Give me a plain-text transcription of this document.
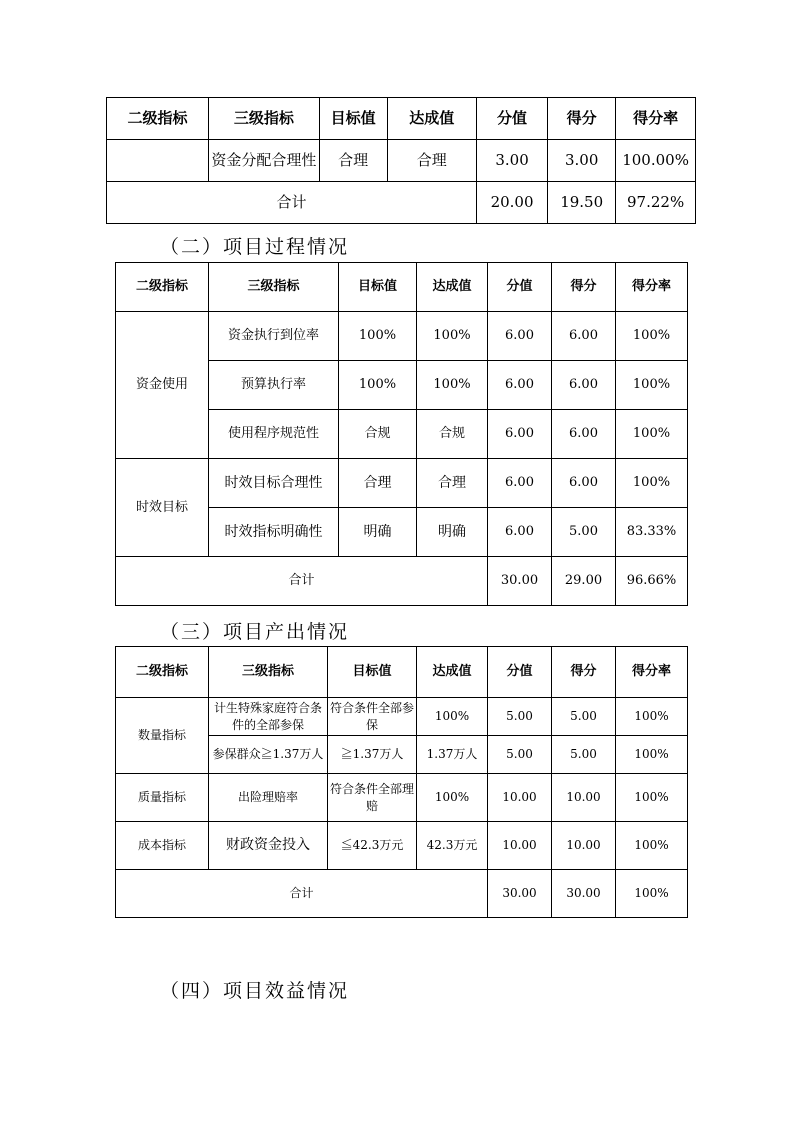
二级指标	三级指标	目标值	达成值	分值	得分	得分率
	资金分配合理性	合理	合理	3.00	3.00	100.00%
合计				20.00	19.50	97.22%
（二）项目过程情况
二级指标	三级指标	目标值	达成值	分值	得分	得分率
资金使用	资金执行到位率	100%	100%	6.00	6.00	100%
	预算执行率	100%	100%	6.00	6.00	100%
	使用程序规范性	合规	合规	6.00	6.00	100%
时效目标	时效目标合理性	合理	合理	6.00	6.00	100%
	时效指标明确性	明确	明确	6.00	5.00	83.33%
合计				30.00	29.00	96.66%
（三）项目产出情况
二级指标	三级指标	目标值	达成值	分值	得分	得分率
数量指标	计生特殊家庭符合条件的全部参保	符合条件全部参保	100%	5.00	5.00	100%
	参保群众≧1.37万人	≧1.37万人	1.37万人	5.00	5.00	100%
质量指标	出险理赔率	符合条件全部理赔	100%	10.00	10.00	100%
成本指标	财政资金投入	≦42.3万元	42.3万元	10.00	10.00	100%
合计				30.00	30.00	100%
（四）项目效益情况
